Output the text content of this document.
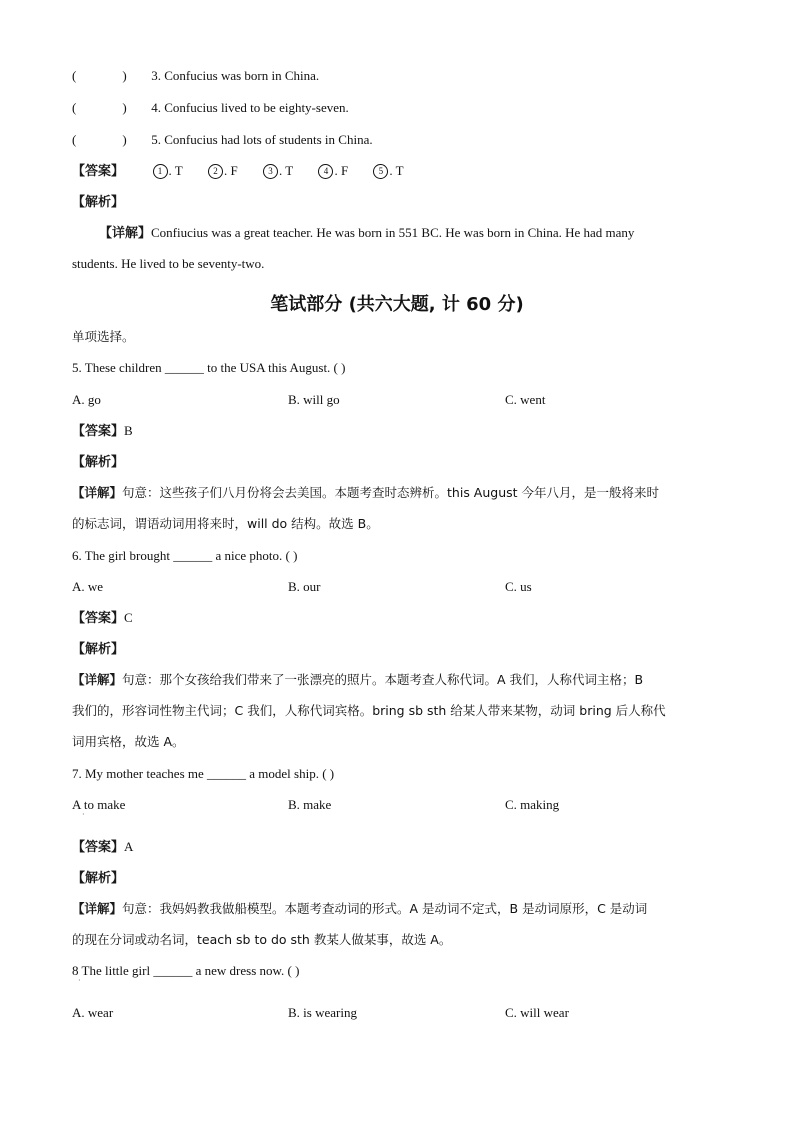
(	) 3. Confucius was born in China.
(	) 4. Confucius lived to be eighty-seven.
(	) 5. Confucius had lots of students in China.
【答案】	1 . T	2 . F	3 . T	4 . F	5 . T
【解析】
【详解】Confiucius was a great teacher. He was born in 551 BC. He was born in China. He had many
students. He lived to be seventy-two.
笔试部分 (共六大题, 计 60 分)
单项选择。
5. These children ______ to the USA this August. ( )
A. go	B. will go	C. went
【答案】B
【解析】
【详解】句意：这些孩子们八月份将会去美国。本题考查时态辨析。this August 今年八月，是一般将来时
的标志词，谓语动词用将来时，will do 结构。故选 B。
6. The girl brought ______ a nice photo. ( )
A. we	B. our	C. us
【答案】C
【解析】
【详解】句意：那个女孩给我们带来了一张漂亮的照片。本题考查人称代词。A 我们，人称代词主格；B
我们的，形容词性物主代词；C 我们，人称代词宾格。bring sb sth 给某人带来某物，动词 bring 后人称代
词用宾格，故选 A。
7. My mother teaches me ______ a model ship. ( )
A to make
·
B. make	C. making
【答案】A
【解析】
【详解】句意：我妈妈教我做船模型。本题考查动词的形式。A 是动词不定式，B 是动词原形，C 是动词
的现在分词或动名词，teach sb to do sth 教某人做某事，故选 A。
8 The little girl ______ a new dress now. ( )
·
A. wear	B. is wearing	C. will wear
